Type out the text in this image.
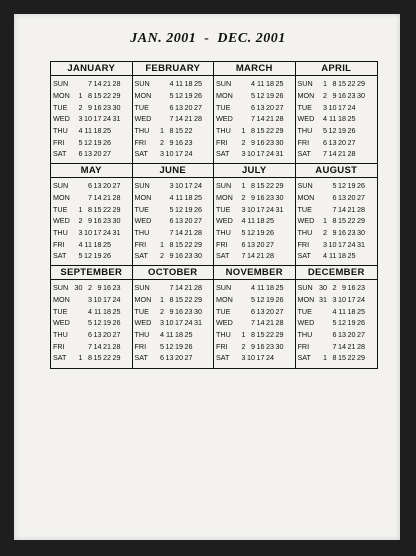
JAN. 2001  -  DEC. 2001
JANUARY
SUN	7 14 21 28
MON	1 8 15 22 29
TUE	2 9 16 23 30
WED	3 10 17 24 31
THU	4 11 18 25
FRI	5 12 19 26
SAT	6 13 20 27
FEBRUARY
SUN	4 11 18 25
MON	5 12 19 26
TUE	6 13 20 27
WED	7 14 21 28
THU	1 8 15 22
FRI	2 9 16 23
SAT	3 10 17 24
MARCH
SUN	4 11 18 25
MON	5 12 19 26
TUE	6 13 20 27
WED	7 14 21 28
THU	1 8 15 22 29
FRI	2 9 16 23 30
SAT	3 10 17 24 31
APRIL
SUN	1 8 15 22 29
MON	2 9 16 23 30
TUE	3 10 17 24
WED	4 11 18 25
THU	5 12 19 26
FRI	6 13 20 27
SAT	7 14 21 28
MAY
SUN	6 13 20 27
MON	7 14 21 28
TUE	1 8 15 22 29
WED	2 9 16 23 30
THU	3 10 17 24 31
FRI	4 11 18 25
SAT	5 12 19 26
JUNE
SUN	3 10 17 24
MON	4 11 18 25
TUE	5 12 19 26
WED	6 13 20 27
THU	7 14 21 28
FRI	1 8 15 22 29
SAT	2 9 16 23 30
JULY
SUN	1 8 15 22 29
MON	2 9 16 23 30
TUE	3 10 17 24 31
WED	4 11 18 25
THU	5 12 19 26
FRI	6 13 20 27
SAT	7 14 21 28
AUGUST
SUN	5 12 19 26
MON	6 13 20 27
TUE	7 14 21 28
WED	1 8 15 22 29
THU	2 9 16 23 30
FRI	3 10 17 24 31
SAT	4 11 18 25
SEPTEMBER
SUN 30 2 9 16 23
MON	3 10 17 24
TUE	4 11 18 25
WED	5 12 19 26
THU	6 13 20 27
FRI	7 14 21 28
SAT	1 8 15 22 29
OCTOBER
SUN	7 14 21 28
MON	1 8 15 22 29
TUE	2 9 16 23 30
WED	3 10 17 24 31
THU	4 11 18 25
FRI	5 12 19 26
SAT	6 13 20 27
NOVEMBER
SUN	4 11 18 25
MON	5 12 19 26
TUE	6 13 20 27
WED	7 14 21 28
THU	1 8 15 22 29
FRI	2 9 16 23 30
SAT	3 10 17 24
DECEMBER
SUN 30 2 9 16 23
MON 31 3 10 17 24
TUE	4 11 18 25
WED	5 12 19 26
THU	6 13 20 27
FRI	7 14 21 28
SAT	1 8 15 22 29
